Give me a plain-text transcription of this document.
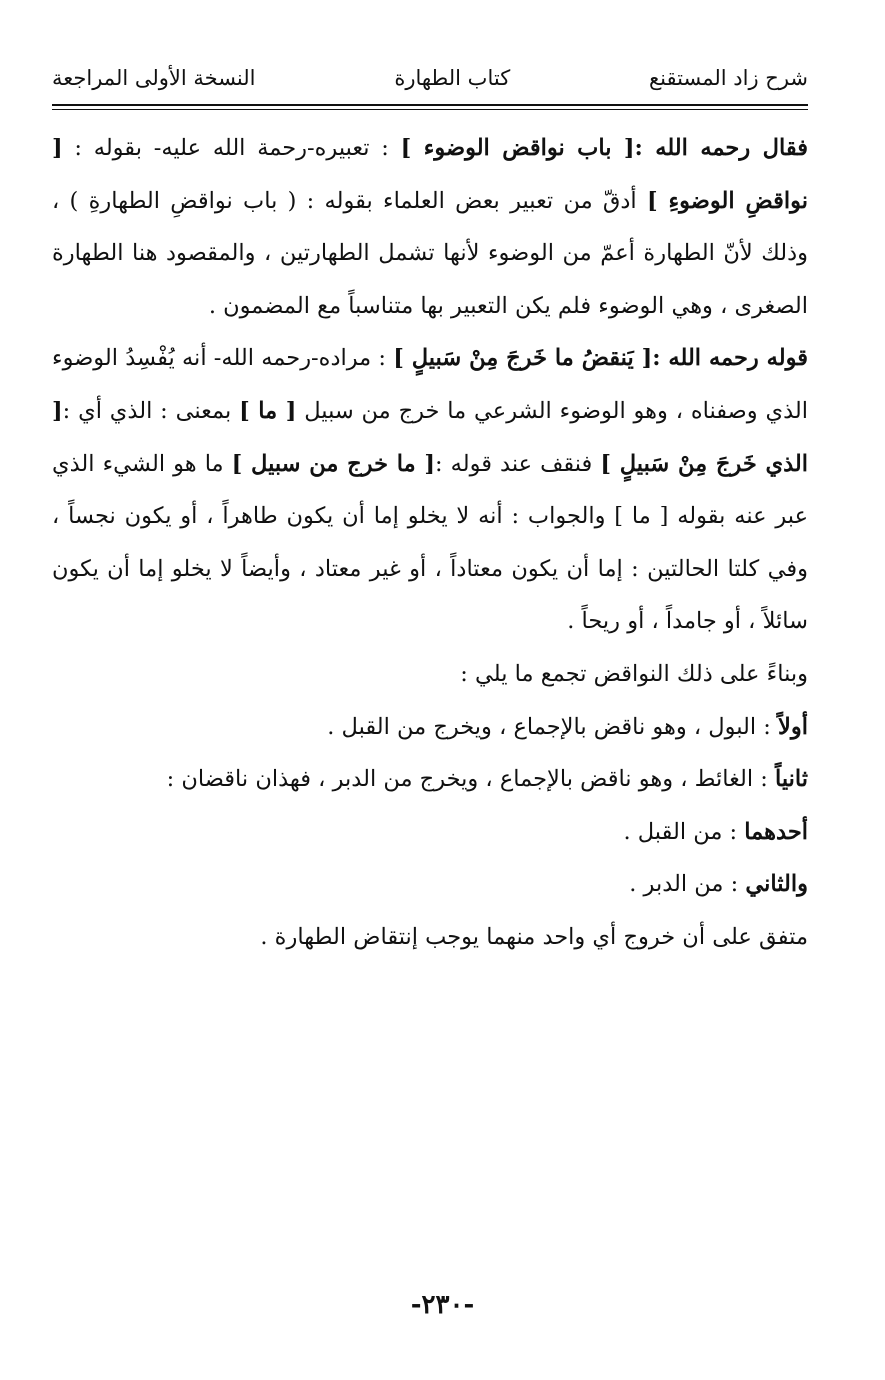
شرح زاد المستقنع
كتاب الطهارة
النسخة الأولى المراجعة

فقال رحمه الله :[ باب نواقض الوضوء ] : تعبيره-رحمة الله عليه- بقوله : [ نواقضِ الوضوءِ ] أدقّ من تعبير بعض العلماء بقوله : ( باب نواقضِ الطهارةِ ) ، وذلك لأنّ الطهارة أعمّ من الوضوء لأنها تشمل الطهارتين ، والمقصود هنا الطهارة الصغرى ، وهي الوضوء فلم يكن التعبير بها متناسباً مع المضمون .

قوله رحمه الله :[ يَنقضُ ما خَرجَ مِنْ سَبيلٍ ] : مراده-رحمه الله- أنه يُفْسِدُ الوضوء الذي وصفناه ، وهو الوضوء الشرعي ما خرج من سبيل [ ما ] بمعنى : الذي أي :[ الذي خَرجَ مِنْ سَبيلٍ ] فنقف عند قوله :[ ما خرج من سبيل ] ما هو الشيء الذي عبر عنه بقوله [ ما ] والجواب : أنه لا يخلو إما أن يكون طاهراً ، أو يكون نجساً ، وفي كلتا الحالتين : إما أن يكون معتاداً ، أو غير معتاد ، وأيضاً لا يخلو إما أن يكون سائلاً ، أو جامداً ، أو ريحاً .

وبناءً على ذلك النواقض تجمع ما يلي :

أولاً : البول ، وهو ناقض بالإجماع ، ويخرج من القبل .

ثانياً : الغائط ، وهو ناقض بالإجماع ، ويخرج من الدبر ، فهذان ناقضان :

أحدهما : من القبل .

والثاني : من الدبر .

متفق على أن خروج أي واحد منهما يوجب إنتقاض الطهارة .

-٢٣٠-
